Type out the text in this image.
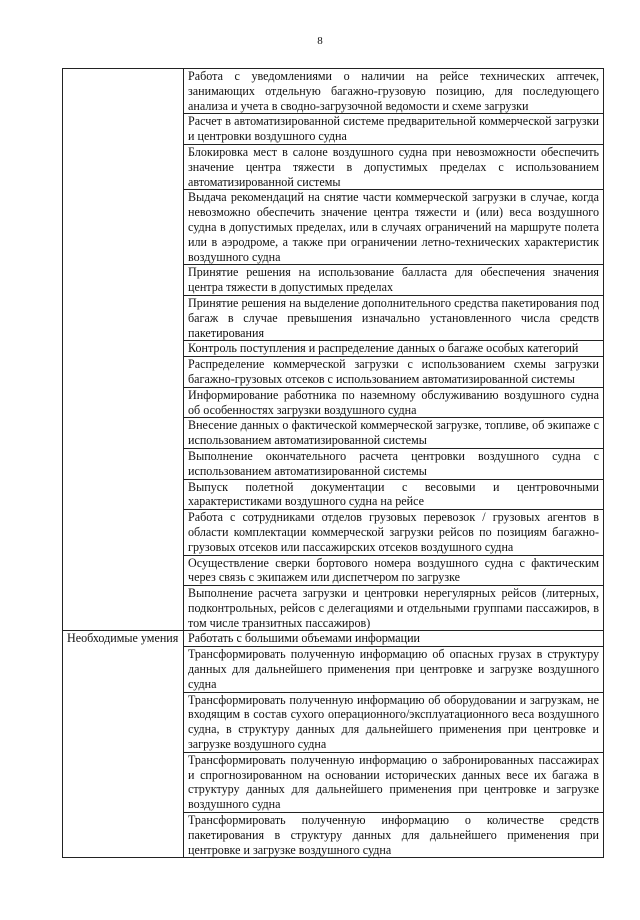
8
	Работа с уведомлениями о наличии на рейсе технических аптечек, занимающих отдельную багажно-грузовую позицию, для последующего анализа и учета в сводно-загрузочной ведомости и схеме загрузки
	Расчет в автоматизированной системе предварительной коммерческой загрузки и центровки воздушного судна
	Блокировка мест в салоне воздушного судна при невозможности обеспечить значение центра тяжести в допустимых пределах с использованием автоматизированной системы
	Выдача рекомендаций на снятие части коммерческой загрузки в случае, когда невозможно обеспечить значение центра тяжести и (или) веса воздушного судна в допустимых пределах, или в случаях ограничений на маршруте полета или в аэродроме, а также при ограничении летно-технических характеристик воздушного судна
	Принятие решения на использование балласта для обеспечения значения центра тяжести в допустимых пределах
	Принятие решения на выделение дополнительного средства пакетирования под багаж в случае превышения изначально установленного числа средств пакетирования
	Контроль поступления и распределение данных о багаже особых категорий
	Распределение коммерческой загрузки с использованием схемы загрузки багажно-грузовых отсеков с использованием автоматизированной системы
	Информирование работника по наземному обслуживанию воздушного судна об особенностях загрузки воздушного судна
	Внесение данных о фактической коммерческой загрузке, топливе, об экипаже с использованием автоматизированной системы
	Выполнение окончательного расчета центровки воздушного судна с использованием автоматизированной системы
	Выпуск полетной документации с весовыми и центровочными характеристиками воздушного судна на рейсе
	Работа с сотрудниками отделов грузовых перевозок / грузовых агентов в области комплектации коммерческой загрузки рейсов по позициям багажно-грузовых отсеков или пассажирских отсеков воздушного судна
	Осуществление сверки бортового номера воздушного судна с фактическим через связь с экипажем или диспетчером по загрузке
	Выполнение расчета загрузки и центровки нерегулярных рейсов (литерных, подконтрольных, рейсов с делегациями и отдельными группами пассажиров, в том числе транзитных пассажиров)
Необходимые умения	Работать с большими объемами информации
	Трансформировать полученную информацию об опасных грузах в структуру данных для дальнейшего применения при центровке и загрузке воздушного судна
	Трансформировать полученную информацию об оборудовании и загрузкам, не входящим в состав сухого операционного/эксплуатационного веса воздушного судна, в структуру данных для дальнейшего применения при центровке и загрузке воздушного судна
	Трансформировать полученную информацию о забронированных пассажирах и спрогнозированном на основании исторических данных весе их багажа в структуру данных для дальнейшего применения при центровке и загрузке воздушного судна
	Трансформировать полученную информацию о количестве средств пакетирования в структуру данных для дальнейшего применения при центровке и загрузке воздушного судна
